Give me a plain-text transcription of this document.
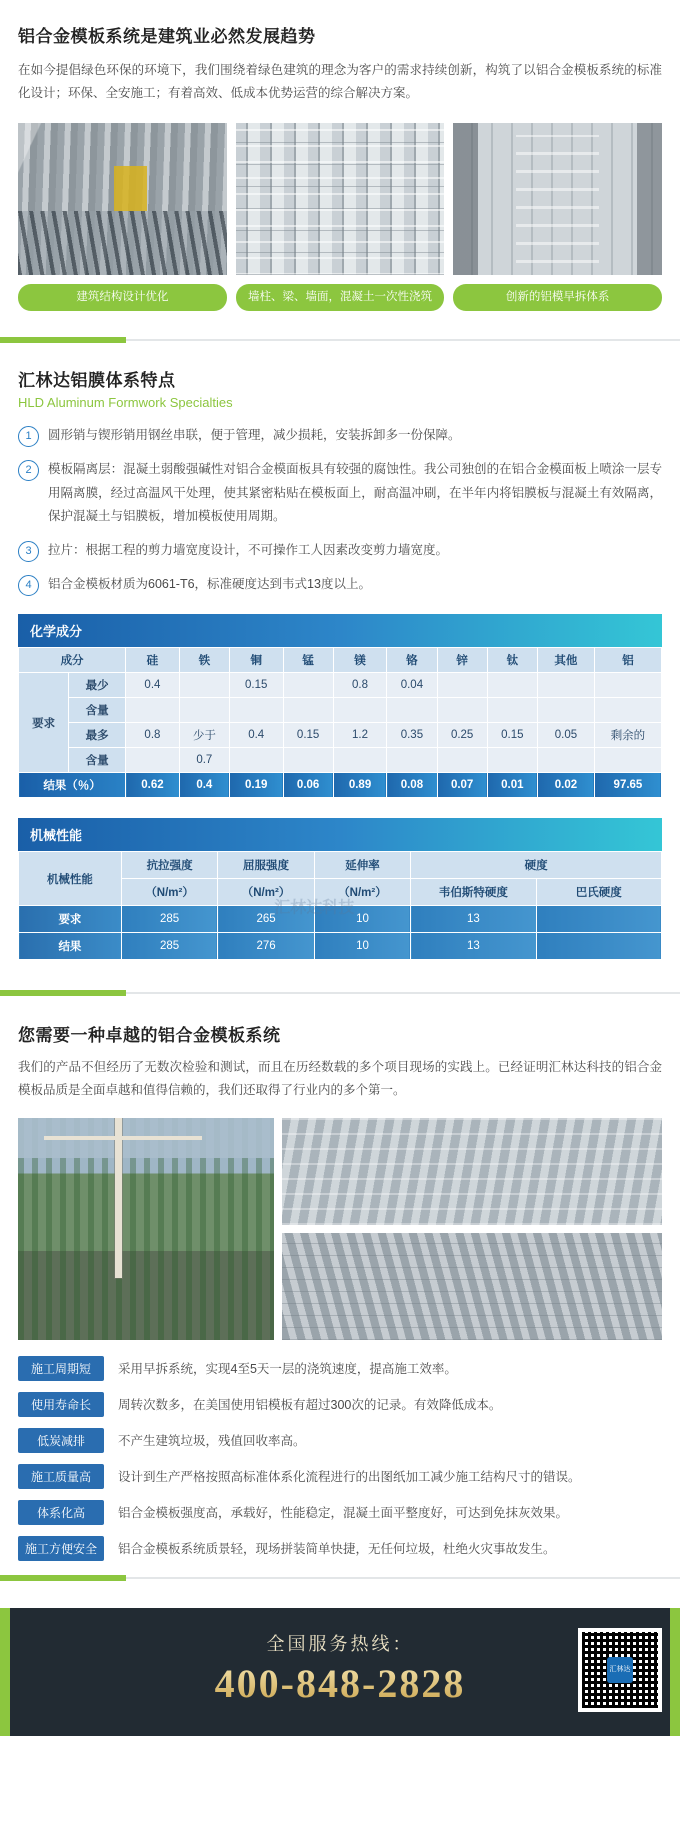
铝合金模板系统是建筑业必然发展趋势
在如今提倡绿色环保的环境下，我们围绕着绿色建筑的理念为客户的需求持续创新，构筑了以铝合金模板系统的标准化设计；环保、全安施工；有着高效、低成本优势运营的综合解决方案。
建筑结构设计优化	墙柱、梁、墙面，混凝土一次性浇筑	创新的铝模早拆体系
汇林达铝膜体系特点
HLD Aluminum Formwork Specialties
1	圆形销与锲形销用钢丝串联，便于管理，减少损耗，安装拆卸多一份保障。
2	模板隔离层：混凝土弱酸强碱性对铝合金模面板具有较强的腐蚀性。我公司独创的在铝合金模面板上喷涂一层专用隔离膜，经过高温风干处理，使其紧密粘贴在模板面上，耐高温冲刷，在半年内将铝膜板与混凝土有效隔离，保护混凝土与铝膜板，增加模板使用周期。
3	拉片：根据工程的剪力墙宽度设计，不可操作工人因素改变剪力墙宽度。
4	铝合金模板材质为6061-T6，标准硬度达到韦式13度以上。
化学成分
成分		硅	铁	铜	锰	镁	铬	锌	钛	其他	铝
要求	最少	0.4		0.15		0.8	0.04				
	含量										
	最多	0.8	少于	0.4	0.15	1.2	0.35	0.25	0.15	0.05	剩余的
	含量		0.7								
结果（％）		0.62	0.4	0.19	0.06	0.89	0.08	0.07	0.01	0.02	97.65
机械性能
机械性能	抗拉强度	屈服强度	延伸率	硬度	
	（N/m²）	（N/m²）	（N/m²）	韦伯斯特硬度	巴氏硬度
要求	285	265	10	13	
结果	285	276	10	13	
汇林达科技
您需要一种卓越的铝合金模板系统
我们的产品不但经历了无数次检验和测试，而且在历经数载的多个项目现场的实践上。已经证明汇林达科技的铝合金模板品质是全面卓越和值得信赖的，我们还取得了行业内的多个第一。
施工周期短	采用早拆系统，实现4至5天一层的浇筑速度，提高施工效率。
使用寿命长	周转次数多，在美国使用铝模板有超过300次的记录。有效降低成本。
低炭减排	不产生建筑垃圾，残值回收率高。
施工质量高	设计到生产严格按照高标准体系化流程进行的出图纸加工减少施工结构尺寸的错误。
体系化高	铝合金模板强度高，承载好，性能稳定，混凝土面平整度好，可达到免抹灰效果。
施工方便安全	铝合金模板系统质景轻，现场拼装简单快捷，无任何垃圾，杜绝火灾事故发生。
全国服务热线：
400-848-2828	汇林达
